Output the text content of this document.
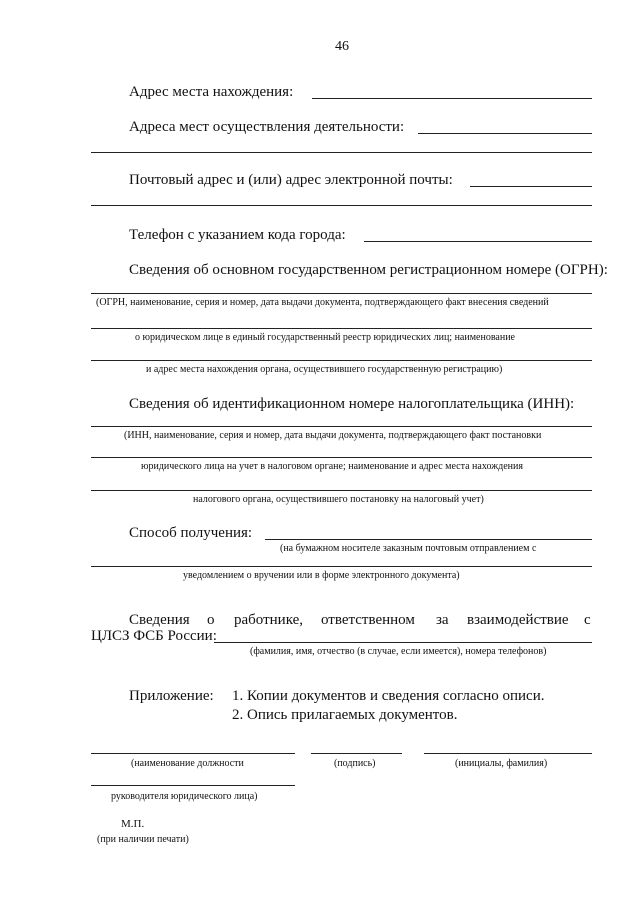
46
Адрес места нахождения:
Адреса мест осуществления деятельности:
Почтовый адрес и (или) адрес электронной почты:
Телефон с указанием кода города:
Сведения об основном государственном регистрационном номере (ОГРН):
(ОГРН, наименование, серия и номер, дата выдачи документа, подтверждающего факт внесения сведений
о юридическом лице в единый государственный реестр юридических лиц; наименование
и адрес места нахождения органа, осуществившего государственную регистрацию)
Сведения об идентификационном номере налогоплательщика (ИНН):
(ИНН, наименование, серия и номер, дата выдачи документа, подтверждающего факт постановки
юридического лица на учет в налоговом органе; наименование и адрес места нахождения
налогового органа, осуществившего постановку на налоговый учет)
Способ получения:
(на бумажном носителе заказным почтовым отправлением с
уведомлением о вручении или в форме электронного документа)
Сведения о работнике, ответственном за взаимодействие с
ЦЛСЗ ФСБ России:
(фамилия, имя, отчество (в случае, если имеется), номера телефонов)
Приложение: 1. Копии документов и сведения согласно описи.
2. Опись прилагаемых документов.
(наименование должности	(подпись)	(инициалы, фамилия)
руководителя юридического лица)
М.П.
(при наличии печати)
